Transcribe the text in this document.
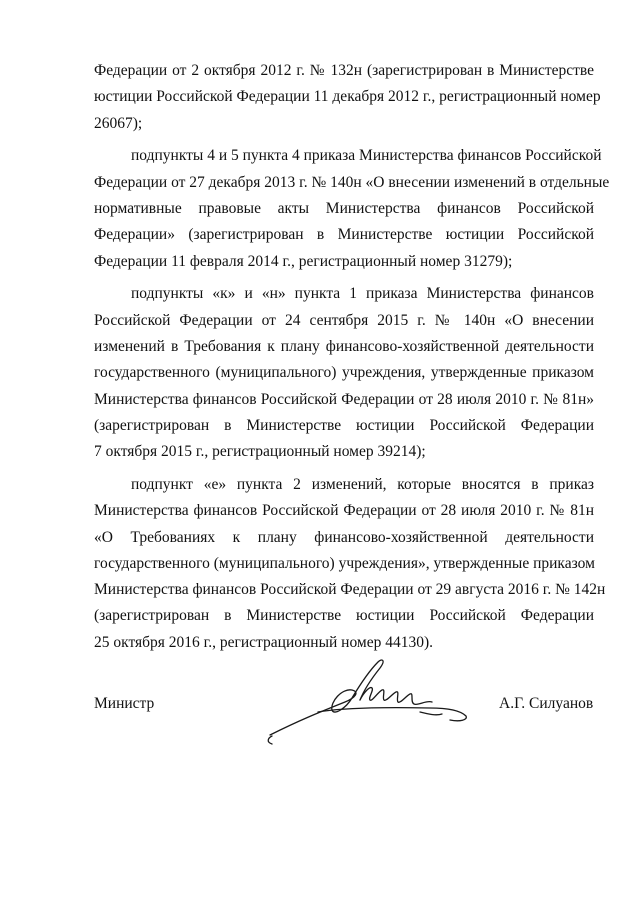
Федерации от 2 октября 2012 г. № 132н (зарегистрирован в Министерстве
юстиции Российской Федерации 11 декабря 2012 г., регистрационный номер
26067);
подпункты 4 и 5 пункта 4 приказа Министерства финансов Российской
Федерации от 27 декабря 2013 г. № 140н «О внесении изменений в отдельные
нормативные правовые акты Министерства финансов Российской
Федерации» (зарегистрирован в Министерстве юстиции Российской
Федерации 11 февраля 2014 г., регистрационный номер 31279);
подпункты «к» и «н» пункта 1 приказа Министерства финансов
Российской Федерации от 24 сентября 2015 г. № 140н «О внесении
изменений в Требования к плану финансово-хозяйственной деятельности
государственного (муниципального) учреждения, утвержденные приказом
Министерства финансов Российской Федерации от 28 июля 2010 г. № 81н»
(зарегистрирован в Министерстве юстиции Российской Федерации
7 октября 2015 г., регистрационный номер 39214);
подпункт «е» пункта 2 изменений, которые вносятся в приказ
Министерства финансов Российской Федерации от 28 июля 2010 г. № 81н
«О Требованиях к плану финансово-хозяйственной деятельности
государственного (муниципального) учреждения», утвержденные приказом
Министерства финансов Российской Федерации от 29 августа 2016 г. № 142н
(зарегистрирован в Министерстве юстиции Российской Федерации
25 октября 2016 г., регистрационный номер 44130).
Министр	А.Г. Силуанов
